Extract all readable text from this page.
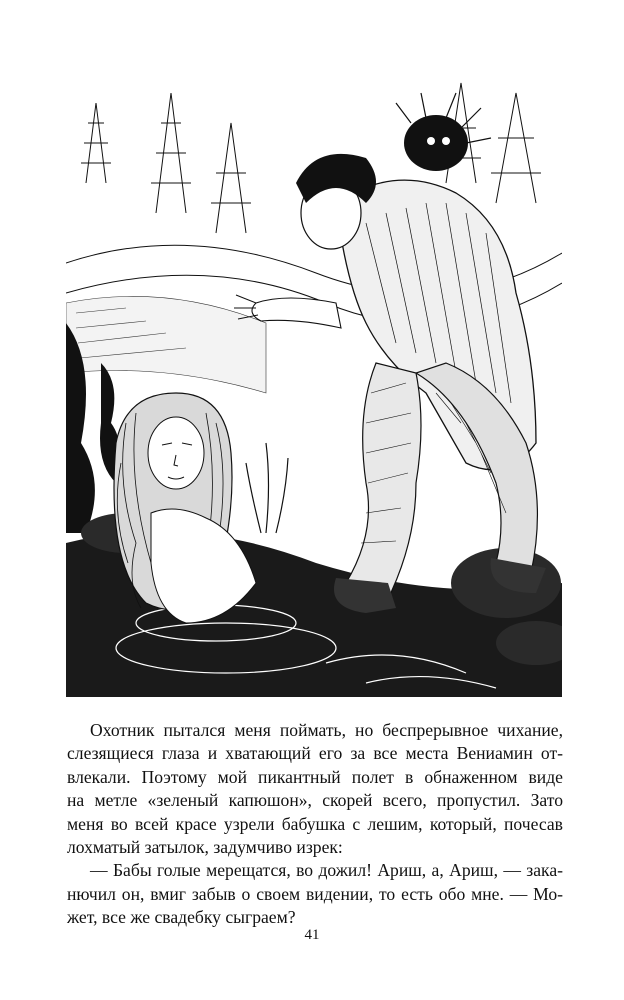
Охотник пытался меня поймать, но беспрерывное чихание,
слезящиеся глаза и хватающий его за все места Вениамин от-
влекали. Поэтому мой пикантный полет в обнаженном виде
на метле «зеленый капюшон», скорей всего, пропустил. Зато
меня во всей красе узрели бабушка с лешим, который, почесав
лохматый затылок, задумчиво изрек:
— Бабы голые мерещатся, во дожил! Ариш, а, Ариш, — зака-
нючил он, вмиг забыв о своем видении, то есть обо мне. — Мо-
жет, все же свадебку сыграем?
41
